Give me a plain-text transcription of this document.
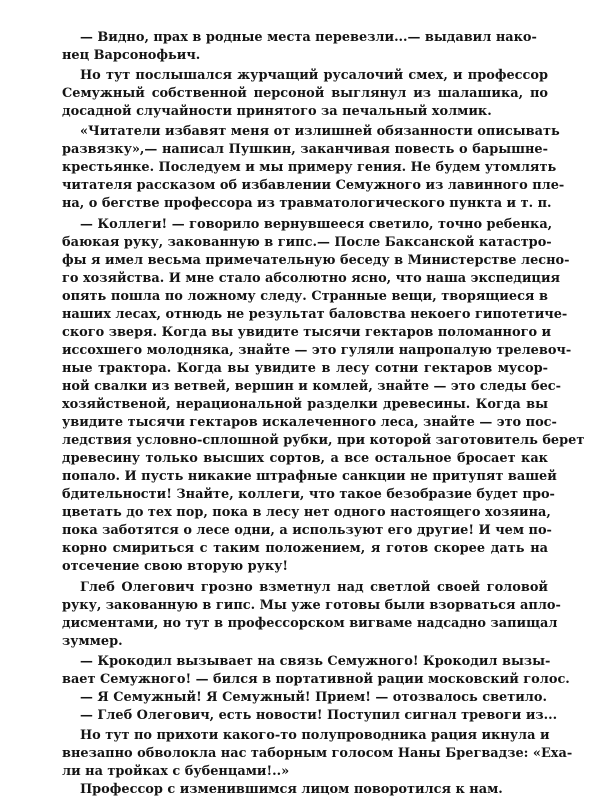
— Видно, прах в родные места перевезли...— выдавил нако-
нец Варсонофьич.
Но тут послышался журчащий русалочий смех, и профессор
Семужный собственной персоной выглянул из шалашика, по
досадной случайности принятого за печальный холмик.
«Читатели избавят меня от излишней обязанности описывать
развязку»,— написал Пушкин, заканчивая повесть о барышне-
крестьянке. Последуем и мы примеру гения. Не будем утомлять
читателя рассказом об избавлении Семужного из лавинного пле-
на, о бегстве профессора из травматологического пункта и т. п.
— Коллеги! — говорило вернувшееся светило, точно ребенка,
баюкая руку, закованную в гипс.— После Баксанской катастро-
фы я имел весьма примечательную беседу в Министерстве лесно-
го хозяйства. И мне стало абсолютно ясно, что наша экспедиция
опять пошла по ложному следу. Странные вещи, творящиеся в
наших лесах, отнюдь не результат баловства некоего гипотетиче-
ского зверя. Когда вы увидите тысячи гектаров поломанного и
иссохшего молодняка, знайте — это гуляли напропалую трелевоч-
ные трактора. Когда вы увидите в лесу сотни гектаров мусор-
ной свалки из ветвей, вершин и комлей, знайте — это следы бес-
хозяйственой, нерациональной разделки древесины. Когда вы
увидите тысячи гектаров искалеченного леса, знайте — это пос-
ледствия условно-сплошной рубки, при которой заготовитель берет
древесину только высших сортов, а все остальное бросает как
попало. И пусть никакие штрафные санкции не притупят вашей
бдительности! Знайте, коллеги, что такое безобразие будет про-
цветать до тех пор, пока в лесу нет одного настоящего хозяина,
пока заботятся о лесе одни, а используют его другие! И чем по-
корно смириться с таким положением, я готов скорее дать на
отсечение свою вторую руку!
Глеб Олегович грозно взметнул над светлой своей головой
руку, закованную в гипс. Мы уже готовы были взорваться апло-
дисментами, но тут в профессорском вигваме надсадно запищал
зуммер.
— Крокодил вызывает на связь Семужного! Крокодил вызы-
вает Семужного! — бился в портативной рации московский голос.
— Я Семужный! Я Семужный! Прием! — отозвалось светило.
— Глеб Олегович, есть новости! Поступил сигнал тревоги из...
Но тут по прихоти какого-то полупроводника рация икнула и
внезапно обволокла нас таборным голосом Наны Брегвадзе: «Еха-
ли на тройках с бубенцами!..»
Профессор с изменившимся лицом поворотился к нам.
